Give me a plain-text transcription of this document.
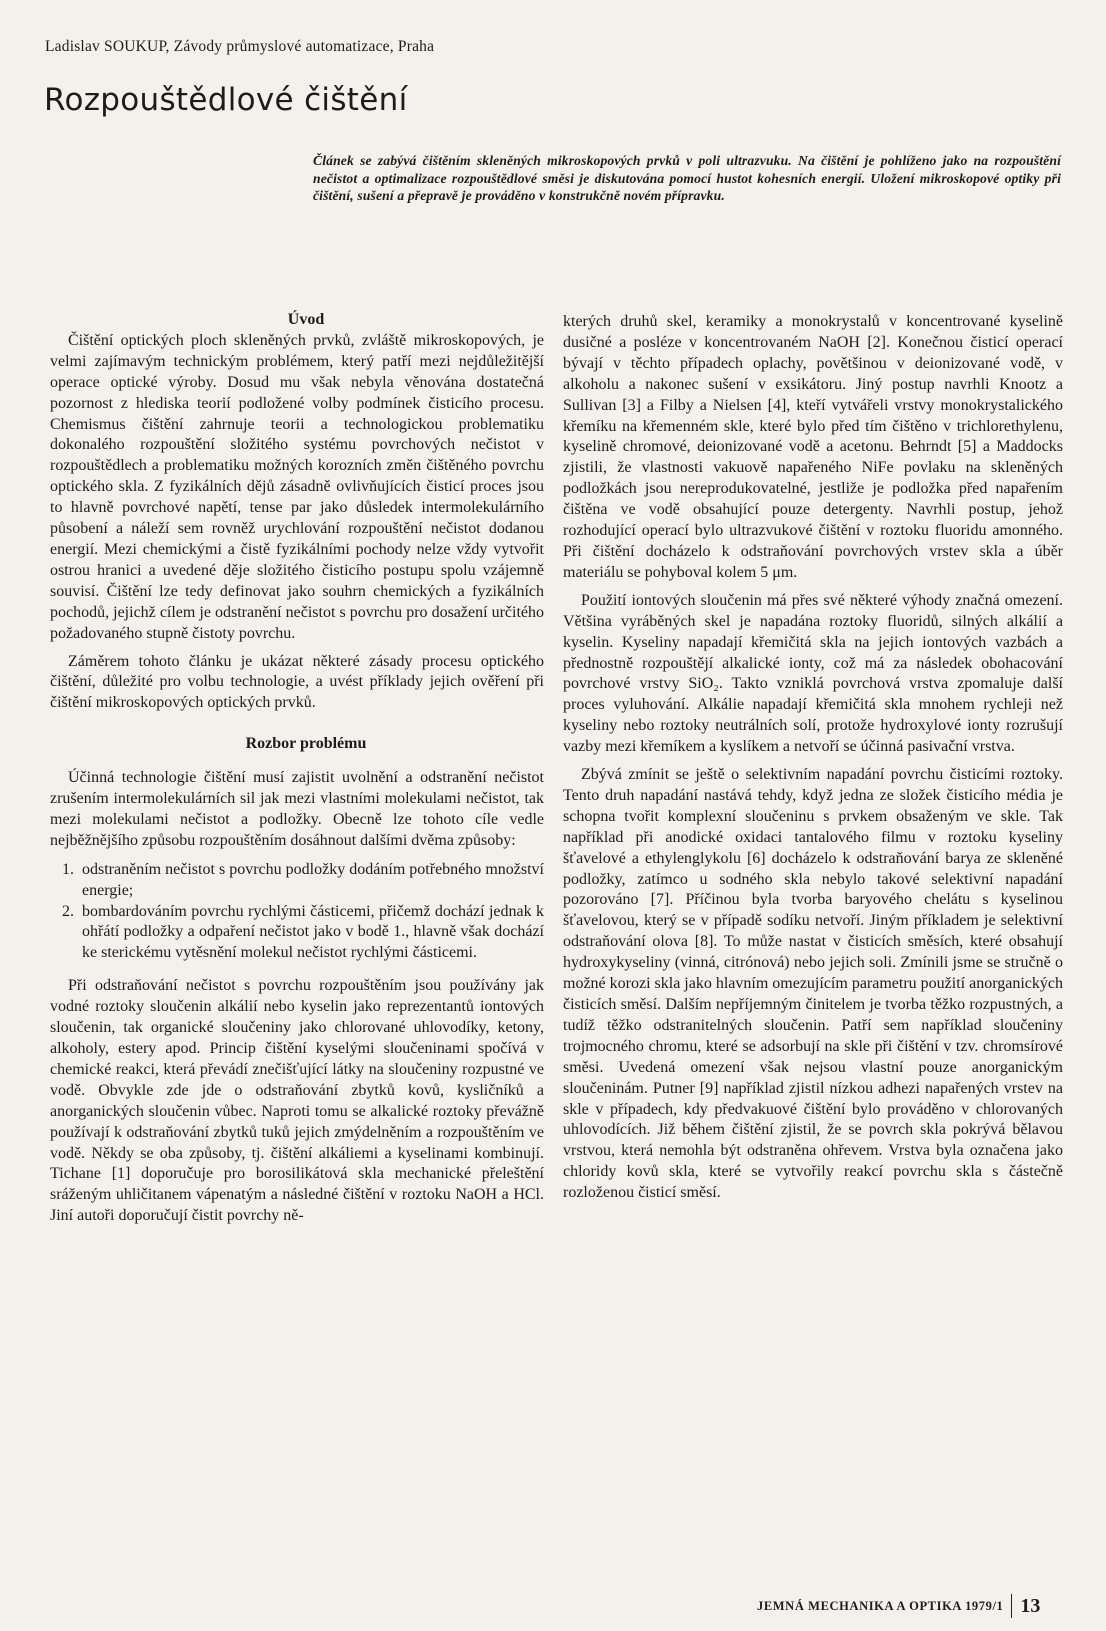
Ladislav SOUKUP, Závody průmyslové automatizace, Praha
Rozpouštědlové čištění
Článek se zabývá čištěním skleněných mikroskopových prvků v poli ultrazvuku. Na čištění je pohlíženo jako na rozpouštění nečistot a optimalizace rozpouštědlové směsi je diskutována pomocí hustot kohesních energií. Uložení mikroskopové optiky při čištění, sušení a přepravě je prováděno v konstrukčně novém přípravku.

Úvod

Čištění optických ploch skleněných prvků, zvláště mikroskopových, je velmi zajímavým technickým problémem, který patří mezi nejdůležitější operace optické výroby. Dosud mu však nebyla věnována dostatečná pozornost z hlediska teorií podložené volby podmínek čisticího procesu. Chemismus čištění zahrnuje teorii a technologickou problematiku dokonalého rozpouštění složitého systému povrchových nečistot v rozpouštědlech a problematiku možných korozních změn čištěného povrchu optického skla. Z fyzikálních dějů zásadně ovlivňujících čisticí proces jsou to hlavně povrchové napětí, tense par jako důsledek intermolekulárního působení a náleží sem rovněž urychlování rozpouštění nečistot dodanou energií. Mezi chemickými a čistě fyzikálními pochody nelze vždy vytvořit ostrou hranici a uvedené děje složitého čisticího postupu spolu vzájemně souvisí. Čištění lze tedy definovat jako souhrn chemických a fyzikálních pochodů, jejichž cílem je odstranění nečistot s povrchu pro dosažení určitého požadovaného stupně čistoty povrchu.

Záměrem tohoto článku je ukázat některé zásady procesu optického čištění, důležité pro volbu technologie, a uvést příklady jejich ověření při čištění mikroskopových optických prvků.

Rozbor problému

Účinná technologie čištění musí zajistit uvolnění a odstranění nečistot zrušením intermolekulárních sil jak mezi vlastními molekulami nečistot, tak mezi molekulami nečistot a podložky. Obecně lze tohoto cíle vedle nejběžnějšího způsobu rozpouštěním dosáhnout dalšími dvěma způsoby:

1. odstraněním nečistot s povrchu podložky dodáním potřebného množství energie;
2. bombardováním povrchu rychlými částicemi, přičemž dochází jednak k ohřátí podložky a odpaření nečistot jako v bodě 1., hlavně však dochází ke sterickému vytěsnění molekul nečistot rychlými částicemi.

Při odstraňování nečistot s povrchu rozpouštěním jsou používány jak vodné roztoky sloučenin alkálií nebo kyselin jako reprezentantů iontových sloučenin, tak organické sloučeniny jako chlorované uhlovodíky, ketony, alkoholy, estery apod. Princip čištění kyselými sloučeninami spočívá v chemické reakci, která převádí znečišťující látky na sloučeniny rozpustné ve vodě. Obvykle zde jde o odstraňování zbytků kovů, kysličníků a anorganických sloučenin vůbec. Naproti tomu se alkalické roztoky převážně používají k odstraňování zbytků tuků jejich zmýdelněním a rozpouštěním ve vodě. Někdy se oba způsoby, tj. čištění alkáliemi a kyselinami kombinují. Tichane [1] doporučuje pro borosilikátová skla mechanické přeleštění sráženým uhličitanem vápenatým a následné čištění v roztoku NaOH a HCl. Jiní autoři doporučují čistit povrchy ně-

kterých druhů skel, keramiky a monokrystalů v koncentrované kyselině dusičné a posléze v koncentrovaném NaOH [2]. Konečnou čisticí operací bývají v těchto případech oplachy, povětšinou v deionizované vodě, v alkoholu a nakonec sušení v exsikátoru. Jiný postup navrhli Knootz a Sullivan [3] a Filby a Nielsen [4], kteří vytvářeli vrstvy monokrystalického křemíku na křemenném skle, které bylo před tím čištěno v trichlorethylenu, kyselině chromové, deionizované vodě a acetonu. Behrndt [5] a Maddocks zjistili, že vlastnosti vakuově napařeného NiFe povlaku na skleněných podložkách jsou nereprodukovatelné, jestliže je podložka před napařením čištěna ve vodě obsahující pouze detergenty. Navrhli postup, jehož rozhodující operací bylo ultrazvukové čištění v roztoku fluoridu amonného. Při čištění docházelo k odstraňování povrchových vrstev skla a úběr materiálu se pohyboval kolem 5 μm.

Použití iontových sloučenin má přes své některé výhody značná omezení. Většina vyráběných skel je napadána roztoky fluoridů, silných alkálií a kyselin. Kyseliny napadají křemičitá skla na jejich iontových vazbách a přednostně rozpouštějí alkalické ionty, což má za následek obohacování povrchové vrstvy SiO₂. Takto vzniklá povrchová vrstva zpomaluje další proces vyluhování. Alkálie napadají křemičitá skla mnohem rychleji než kyseliny nebo roztoky neutrálních solí, protože hydroxylové ionty rozrušují vazby mezi křemíkem a kyslíkem a netvoří se účinná pasivační vrstva.

Zbývá zmínit se ještě o selektivním napadání povrchu čisticími roztoky. Tento druh napadání nastává tehdy, když jedna ze složek čisticího média je schopna tvořit komplexní sloučeninu s prvkem obsaženým ve skle. Tak například při anodické oxidaci tantalového filmu v roztoku kyseliny šťavelové a ethylenglykolu [6] docházelo k odstraňování barya ze skleněné podložky, zatímco u sodného skla nebylo takové selektivní napadání pozorováno [7]. Příčinou byla tvorba baryového chelátu s kyselinou šťavelovou, který se v případě sodíku netvoří. Jiným příkladem je selektivní odstraňování olova [8]. To může nastat v čisticích směsích, které obsahují hydroxykyseliny (vinná, citrónová) nebo jejich soli. Zmínili jsme se stručně o možné korozi skla jako hlavním omezujícím parametru použití anorganických čisticích směsí. Dalším nepříjemným činitelem je tvorba těžko rozpustných, a tudíž těžko odstranitelných sloučenin. Patří sem například sloučeniny trojmocného chromu, které se adsorbují na skle při čištění v tzv. chromsírové směsi. Uvedená omezení však nejsou vlastní pouze anorganickým sloučeninám. Putner [9] například zjistil nízkou adhezi napařených vrstev na skle v případech, kdy předvakuové čištění bylo prováděno v chlorovaných uhlovodících. Již během čištění zjistil, že se povrch skla pokrývá bělavou vrstvou, která nemohla být odstraněna ohřevem. Vrstva byla označena jako chloridy kovů skla, které se vytvořily reakcí povrchu skla s částečně rozloženou čisticí směsí.

JEMNÁ MECHANIKA A OPTIKA 1979/1 13
